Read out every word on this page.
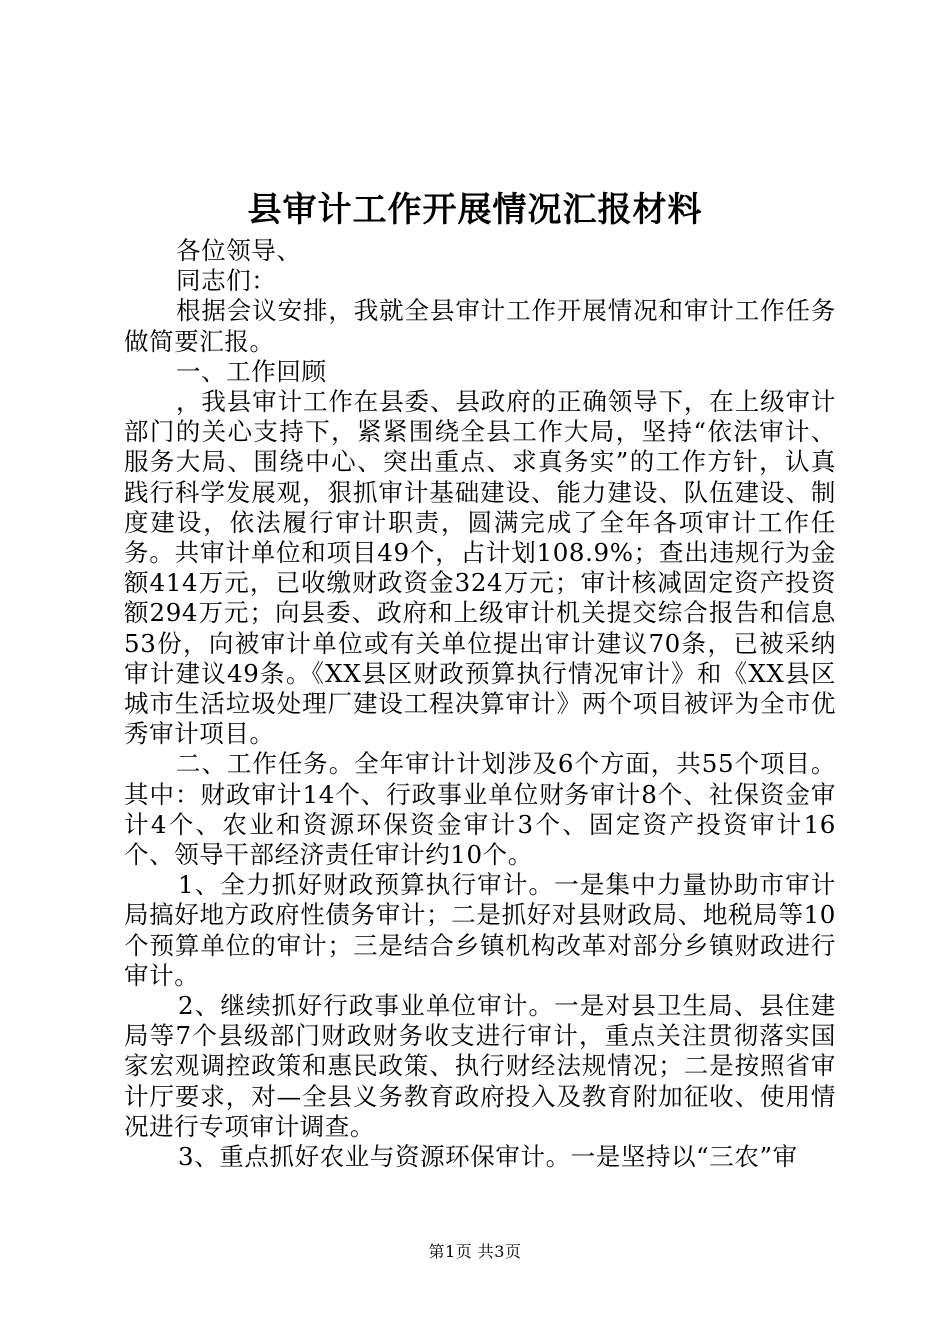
县审计工作开展情况汇报材料

各位领导、

同志们：

根据会议安排，我就全县审计工作开展情况和审计工作任务做简要汇报。

一、工作回顾

，我县审计工作在县委、县政府的正确领导下，在上级审计部门的关心支持下，紧紧围绕全县工作大局，坚持“依法审计、服务大局、围绕中心、突出重点、求真务实”的工作方针，认真践行科学发展观，狠抓审计基础建设、能力建设、队伍建设、制度建设，依法履行审计职责，圆满完成了全年各项审计工作任务。共审计单位和项目49个，占计划108.9%；查出违规行为金额414万元，已收缴财政资金324万元；审计核减固定资产投资额294万元；向县委、政府和上级审计机关提交综合报告和信息53份，向被审计单位或有关单位提出审计建议70条，已被采纳审计建议49条。《XX县区财政预算执行情况审计》和《XX县区城市生活垃圾处理厂建设工程决算审计》两个项目被评为全市优秀审计项目。

二、工作任务。全年审计计划涉及6个方面，共55个项目。其中：财政审计14个、行政事业单位财务审计8个、社保资金审计4个、农业和资源环保资金审计3个、固定资产投资审计16个、领导干部经济责任审计约10个。

1、全力抓好财政预算执行审计。一是集中力量协助市审计局搞好地方政府性债务审计；二是抓好对县财政局、地税局等10个预算单位的审计；三是结合乡镇机构改革对部分乡镇财政进行审计。

2、继续抓好行政事业单位审计。一是对县卫生局、县住建局等7个县级部门财政财务收支进行审计，重点关注贯彻落实国家宏观调控政策和惠民政策、执行财经法规情况；二是按照省审计厅要求，对—全县义务教育政府投入及教育附加征收、使用情况进行专项审计调查。

3、重点抓好农业与资源环保审计。一是坚持以“三农”审

第1页 共3页
